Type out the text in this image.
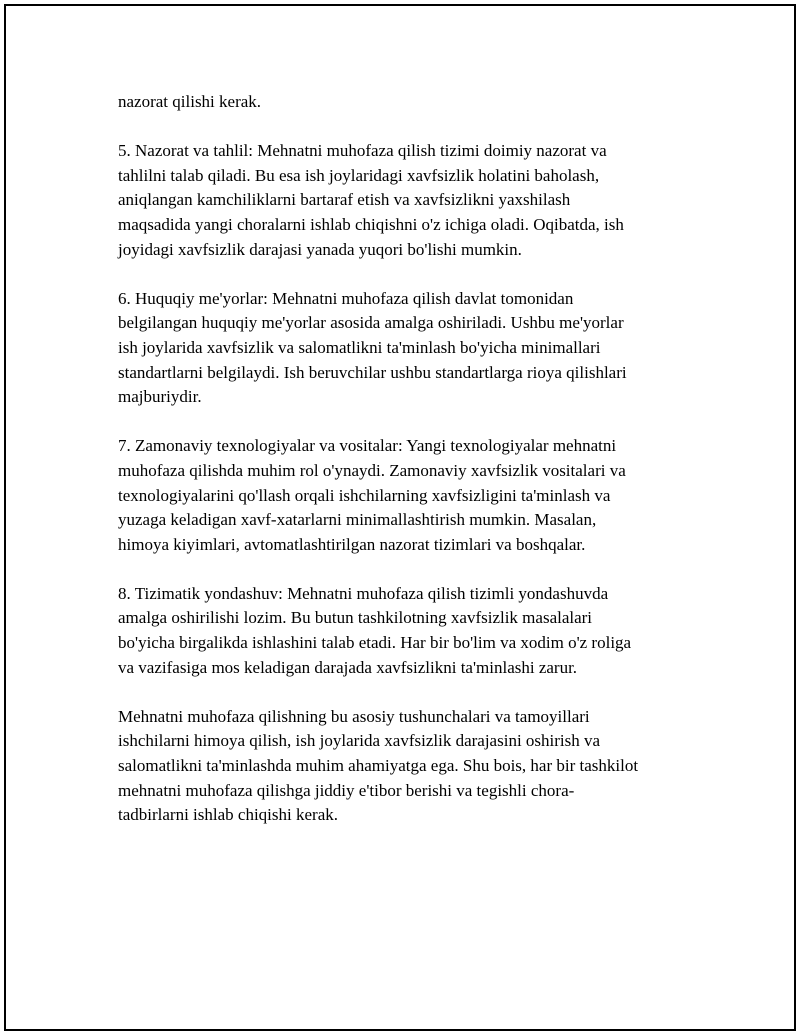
nazorat qilishi kerak.
5. Nazorat va tahlil: Mehnatni muhofaza qilish tizimi doimiy nazorat va
tahlilni talab qiladi. Bu esa ish joylaridagi xavfsizlik holatini baholash,
aniqlangan kamchiliklarni bartaraf etish va xavfsizlikni yaxshilash
maqsadida yangi choralarni ishlab chiqishni o'z ichiga oladi. Oqibatda, ish
joyidagi xavfsizlik darajasi yanada yuqori bo'lishi mumkin.
6. Huquqiy me'yorlar: Mehnatni muhofaza qilish davlat tomonidan
belgilangan huquqiy me'yorlar asosida amalga oshiriladi. Ushbu me'yorlar
ish joylarida xavfsizlik va salomatlikni ta'minlash bo'yicha minimallari
standartlarni belgilaydi. Ish beruvchilar ushbu standartlarga rioya qilishlari
majburiydir.
7. Zamonaviy texnologiyalar va vositalar: Yangi texnologiyalar mehnatni
muhofaza qilishda muhim rol o'ynaydi. Zamonaviy xavfsizlik vositalari va
texnologiyalarini qo'llash orqali ishchilarning xavfsizligini ta'minlash va
yuzaga keladigan xavf-xatarlarni minimallashtirish mumkin. Masalan,
himoya kiyimlari, avtomatlashtirilgan nazorat tizimlari va boshqalar.
8. Tizimatik yondashuv: Mehnatni muhofaza qilish tizimli yondashuvda
amalga oshirilishi lozim. Bu butun tashkilotning xavfsizlik masalalari
bo'yicha birgalikda ishlashini talab etadi. Har bir bo'lim va xodim o'z roliga
va vazifasiga mos keladigan darajada xavfsizlikni ta'minlashi zarur.
Mehnatni muhofaza qilishning bu asosiy tushunchalari va tamoyillari
ishchilarni himoya qilish, ish joylarida xavfsizlik darajasini oshirish va
salomatlikni ta'minlashda muhim ahamiyatga ega. Shu bois, har bir tashkilot
mehnatni muhofaza qilishga jiddiy e'tibor berishi va tegishli chora-
tadbirlarni ishlab chiqishi kerak.
